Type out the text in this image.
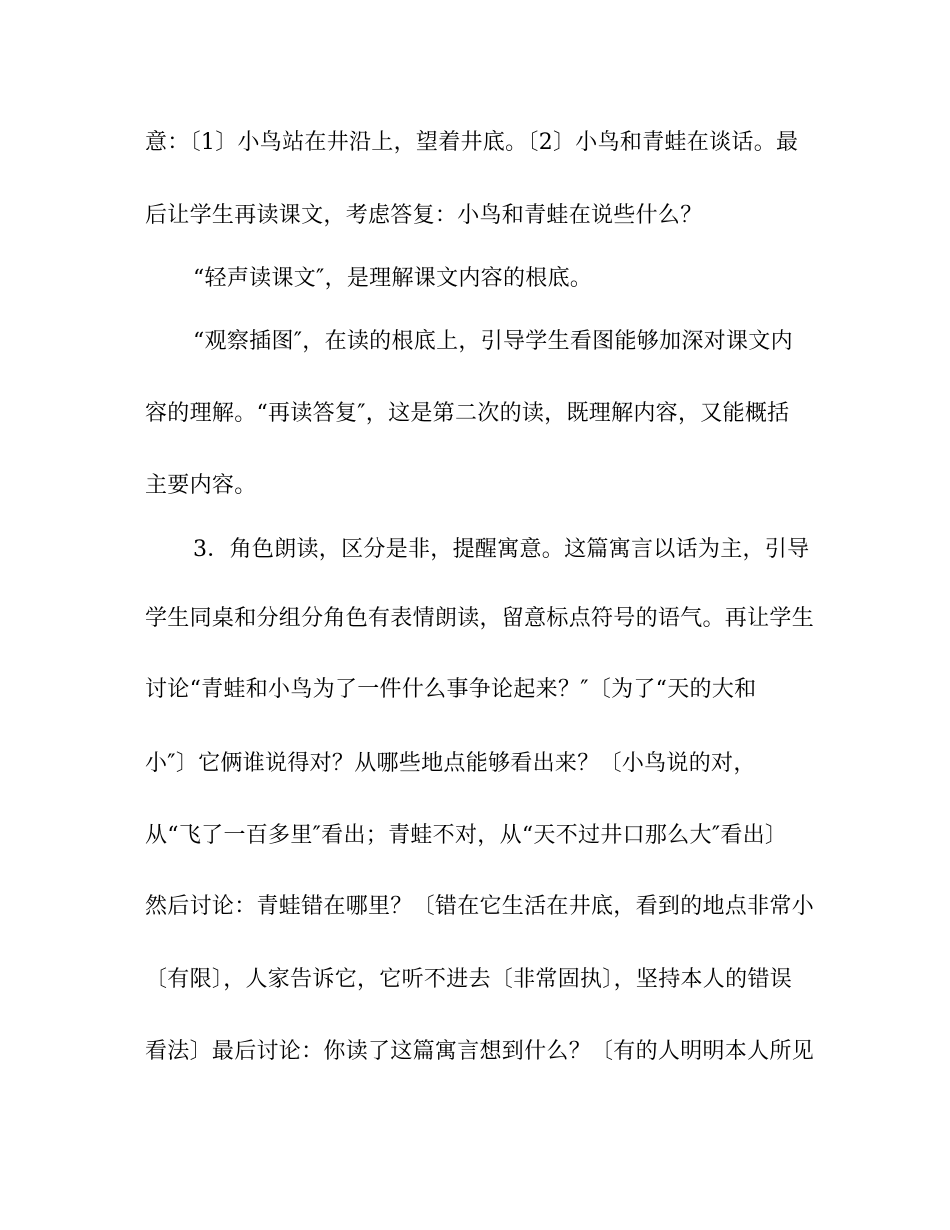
意：〔1〕小鸟站在井沿上，望着井底。〔2〕小鸟和青蛙在谈话。最
后让学生再读课文，考虑答复：小鸟和青蛙在说些什么？
“轻声读课文″，是理解课文内容的根底。
“观察插图″，在读的根底上，引导学生看图能够加深对课文内
容的理解。“再读答复″，这是第二次的读，既理解内容，又能概括
主要内容。
3．角色朗读，区分是非，提醒寓意。这篇寓言以话为主，引导
学生同桌和分组分角色有表情朗读，留意标点符号的语气。再让学生
讨论“青蛙和小鸟为了一件什么事争论起来？″〔为了“天的大和
小″〕它俩谁说得对？从哪些地点能够看出来？〔小鸟说的对，
从“飞了一百多里″看出；青蛙不对，从“天不过井口那么大″看出〕
然后讨论：青蛙错在哪里？〔错在它生活在井底，看到的地点非常小
〔有限〕，人家告诉它，它听不进去〔非常固执〕，坚持本人的错误
看法〕最后讨论：你读了这篇寓言想到什么？〔有的人明明本人所见
